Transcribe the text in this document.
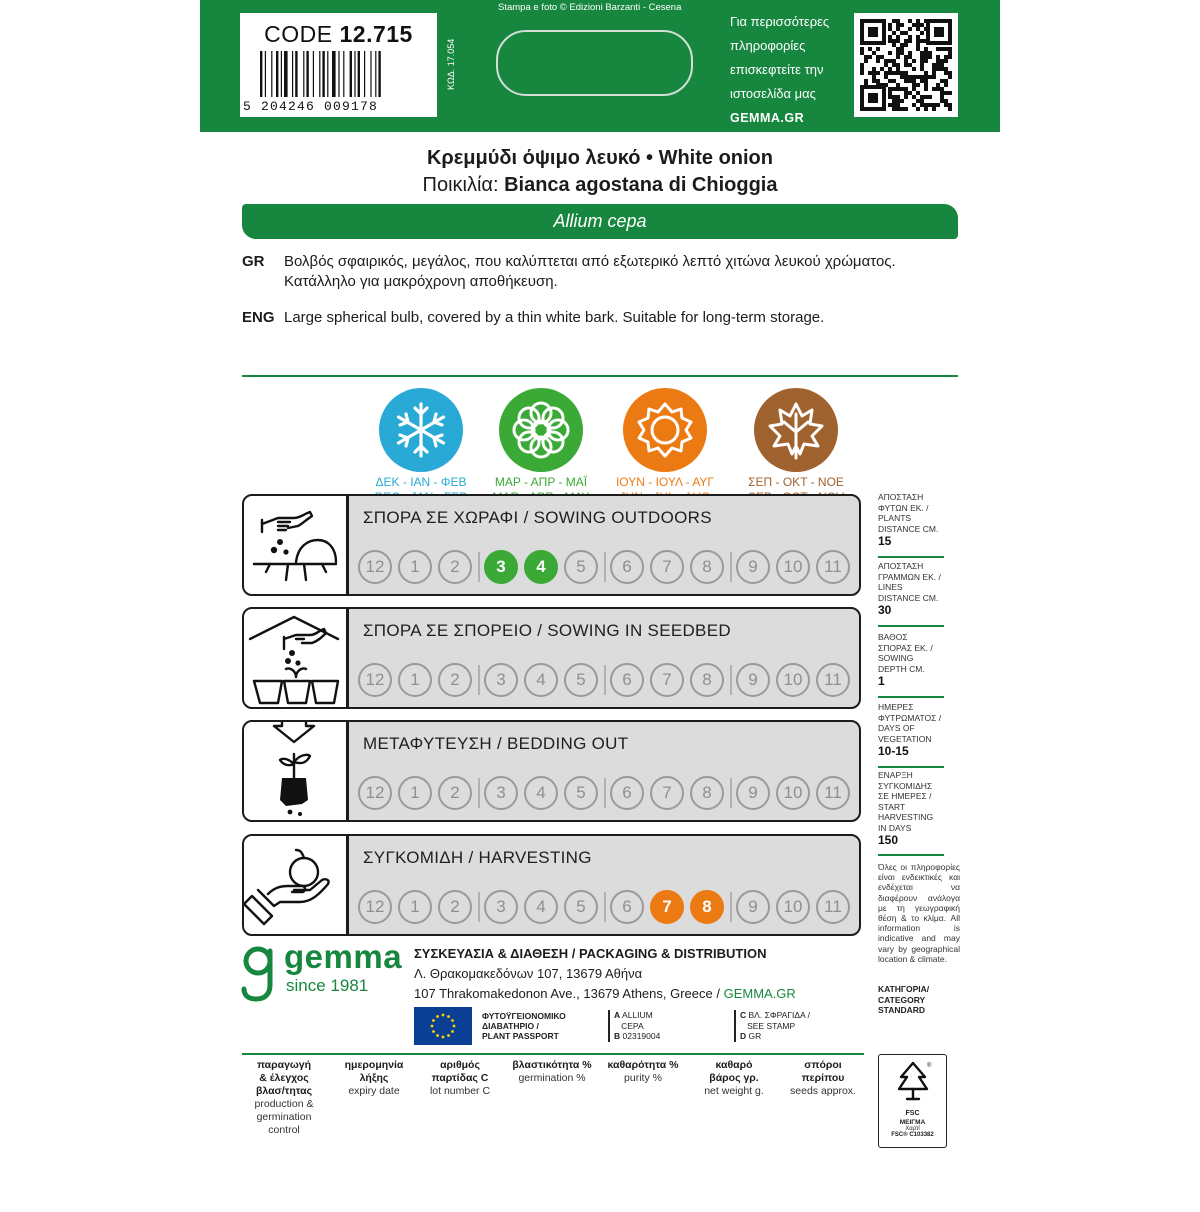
CODE 12.715
5 204246 009178
ΚΩΔ. 17.054
Stampa e foto © Edizioni Barzanti - Cesena
Για περισσότερες
πληροφορίες
επισκεφτείτε την
ιστοσελίδα μας
GEMMA.GR
Κρεμμύδι όψιμο λευκό • White onion
Ποικιλία: Bianca agostana di Chioggia
Allium cepa
GR	Βολβός σφαιρικός, μεγάλος, που καλύπτεται από εξωτερικό λεπτό χιτώνα λευκού χρώματος. Κατάλληλο για μακρόχρονη αποθήκευση.
ENG Large spherical bulb, covered by a thin white bark. Suitable for long-term storage.
ΔΕΚ - ΙΑΝ - ΦΕΒ	ΜΑΡ - ΑΠΡ - ΜΑΪ	ΙΟΥΝ - ΙΟΥΛ - ΑΥΓ	ΣΕΠ - ΟΚΤ - ΝΟΕ
ΣΠΟΡΑ ΣΕ ΧΩΡΑΦΙ / SOWING OUTDOORS
12	1	2	3	4	5	6	7	8	9	10	11
ΣΠΟΡΑ ΣΕ ΣΠΟΡΕΙΟ / SOWING IN SEEDBED
12	1	2	3	4	5	6	7	8	9	10	11
ΜΕΤΑΦΥΤΕΥΣΗ / BEDDING OUT
12	1	2	3	4	5	6	7	8	9	10	11
ΣΥΓΚΟΜΙΔΗ / HARVESTING
12	1	2	3	4	5	6	7	8	9	10	11
ΑΠΟΣΤΑΣΗ
ΦΥΤΩΝ ΕΚ. /
PLANTS
DISTANCE CM.
15
ΑΠΟΣΤΑΣΗ
ΓΡΑΜΜΩΝ ΕΚ. /
LINES
DISTANCE CM.
30
ΒΑΘΟΣ
ΣΠΟΡΑΣ ΕΚ. /
SOWING
DEPTH CM.
1
ΗΜΕΡΕΣ
ΦΥΤΡΩΜΑΤΟΣ /
DAYS OF
VEGETATION
10-15
ΕΝΑΡΞΗ
ΣΥΓΚΟΜΙΔΗΣ
ΣΕ ΗΜΕΡΕΣ /
START
HARVESTING
IN DAYS
150
Όλες οι πληροφορίες είναι ενδεικτικές και ενδέχεται να διαφέρουν ανάλογα με τη γεωγραφική θέση & το κλίμα. All information is indicative and may vary by geographical location & climate.
ΚΑΤΗΓΟΡΙΑ/
CATEGORY
STANDARD
gemma
since 1981
ΣΥΣΚΕΥΑΣΙΑ & ΔΙΑΘΕΣΗ / PACKAGING & DISTRIBUTION
Λ. Θρακομακεδόνων 107, 13679 Αθήνα
107 Thrakomakedonon Ave., 13679 Athens, Greece / GEMMA.GR
ΦΥΤΟΫΓΕΙΟΝΟΜΙΚΟ
ΔΙΑΒΑΤΗΡΙΟ /
PLANT PASSPORT
A ALLIUM
CEPA
B 02319004
C ΒΛ. ΣΦΡΑΓΙΔΑ /
SEE STAMP
D GR
παραγωγή
& έλεγχος
βλασ/τητας
production &
germination
control
ημερομηνία
λήξης
expiry date
αριθμός
παρτίδας C
lot number C
βλαστικότητα %
germination %
καθαρότητα %
purity %
καθαρό
βάρος γρ.
net weight g.
σπόροι
περίπου
seeds approx.
®
FSC
ΜΕΙΓΜΑ
Χαρτί
FSC® C103382
